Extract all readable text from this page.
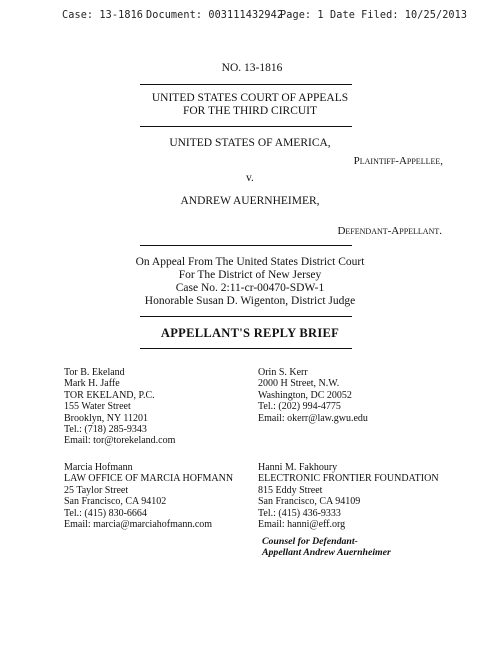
Case: 13-1816 Document: 003111432942
Page: 1 Date Filed: 10/25/2013
NO. 13-1816
UNITED STATES COURT OF APPEALS
FOR THE THIRD CIRCUIT
UNITED STATES OF AMERICA,
Plaintiff-Appellee,
v.
ANDREW AUERNHEIMER,
Defendant-Appellant.
On Appeal From The United States District Court
For The District of New Jersey
Case No. 2:11-cr-00470-SDW-1
Honorable Susan D. Wigenton, District Judge
APPELLANT'S REPLY BRIEF
Tor B. Ekeland
Mark H. Jaffe
TOR EKELAND, P.C.
155 Water Street
Brooklyn, NY 11201
Tel.: (718) 285-9343
Email: tor@torekeland.com
Orin S. Kerr
2000 H Street, N.W.
Washington, DC 20052
Tel.: (202) 994-4775
Email: okerr@law.gwu.edu
Marcia Hofmann
LAW OFFICE OF MARCIA HOFMANN
25 Taylor Street
San Francisco, CA 94102
Tel.: (415) 830-6664
Email: marcia@marciahofmann.com
Hanni M. Fakhoury
ELECTRONIC FRONTIER FOUNDATION
815 Eddy Street
San Francisco, CA 94109
Tel.: (415) 436-9333
Email: hanni@eff.org
Counsel for Defendant-
Appellant Andrew Auernheimer
